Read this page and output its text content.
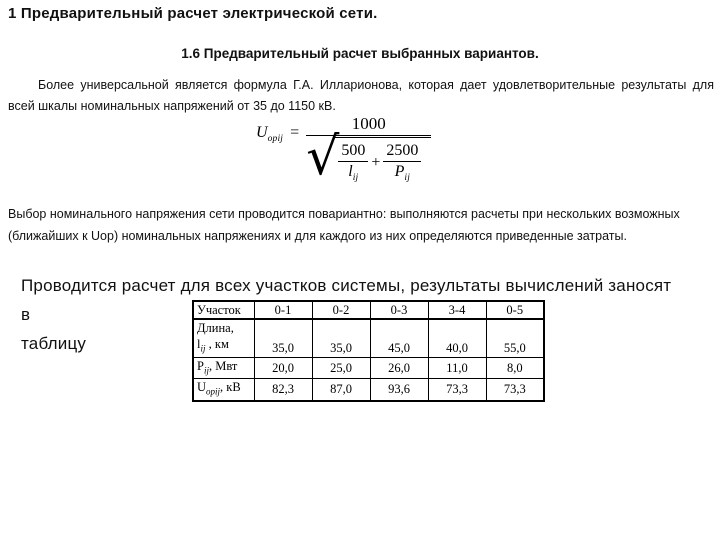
1 Предварительный расчет электрической сети.
1.6 Предварительный расчет выбранных вариантов.
Более универсальной является формула Г.А. Илларионова, которая дает удовлетворительные результаты для всей шкалы номинальных напряжений от 35 до 1150 кВ.
$U_{орij}$ =	1000
√ $\frac{500}{l_{ij}} + \frac{2500}{P_{ij}}$
Выбор номинального напряжения сети проводится повариантно: выполняются расчеты при нескольких возможных (ближайших к Uор) номинальных напряжениях и для каждого из них определяются приведенные затраты.
Проводится расчет для всех участков системы, результаты вычислений заносят в
таблицу
Участок	0-1	0-2	0-3	3-4	0-5
Длина,
$l_{ij}$ , км	35,0	35,0	45,0	40,0	55,0
$P_{ij}$, Мвт	20,0	25,0	26,0	11,0	8,0
$U_{орij}$, кВ	82,3	87,0	93,6	73,3	73,3
